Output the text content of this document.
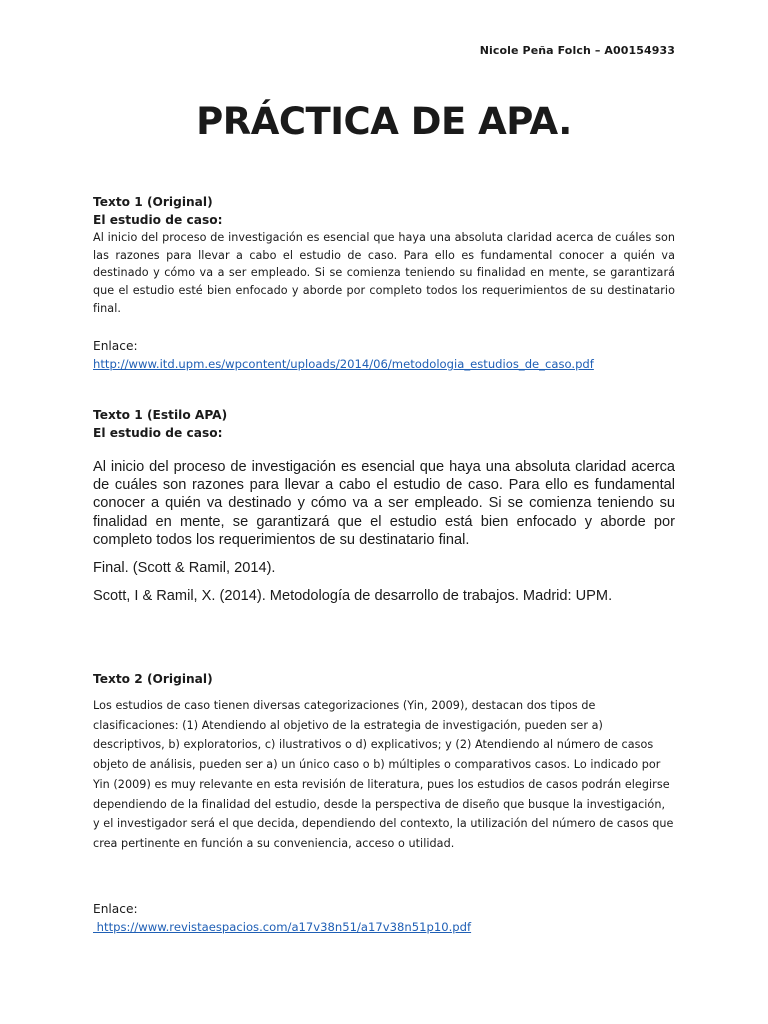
Nicole Peña Folch – A00154933
PRÁCTICA DE APA.

Texto 1 (Original)

El estudio de caso:

Al inicio del proceso de investigación es esencial que haya una absoluta claridad acerca de cuáles son las razones para llevar a cabo el estudio de caso. Para ello es fundamental conocer a quién va destinado y cómo va a ser empleado. Si se comienza teniendo su finalidad en mente, se garantizará que el estudio esté bien enfocado y aborde por completo todos los requerimientos de su destinatario final.

Enlace:

http://www.itd.upm.es/wpcontent/uploads/2014/06/metodologia_estudios_de_caso.pdf

Texto 1 (Estilo APA)

El estudio de caso:

Al inicio del proceso de investigación es esencial que haya una absoluta claridad acerca de cuáles son razones para llevar a cabo el estudio de caso. Para ello es fundamental conocer a quién va destinado y cómo va a ser empleado. Si se comienza teniendo su finalidad en mente, se garantizará que el estudio está bien enfocado y aborde por completo todos los requerimientos de su destinatario final.

Final. (Scott & Ramil, 2014).

Scott, I & Ramil, X. (2014). Metodología de desarrollo de trabajos. Madrid: UPM.

Texto 2 (Original)

Los estudios de caso tienen diversas categorizaciones (Yin, 2009), destacan dos tipos de clasificaciones: (1) Atendiendo al objetivo de la estrategia de investigación, pueden ser a) descriptivos, b) exploratorios, c) ilustrativos o d) explicativos; y (2) Atendiendo al número de casos objeto de análisis, pueden ser a) un único caso o b) múltiples o comparativos casos. Lo indicado por Yin (2009) es muy relevante en esta revisión de literatura, pues los estudios de casos podrán elegirse dependiendo de la finalidad del estudio, desde la perspectiva de diseño que busque la investigación, y el investigador será el que decida, dependiendo del contexto, la utilización del número de casos que crea pertinente en función a su conveniencia, acceso o utilidad.

Enlace:

https://www.revistaespacios.com/a17v38n51/a17v38n51p10.pdf
